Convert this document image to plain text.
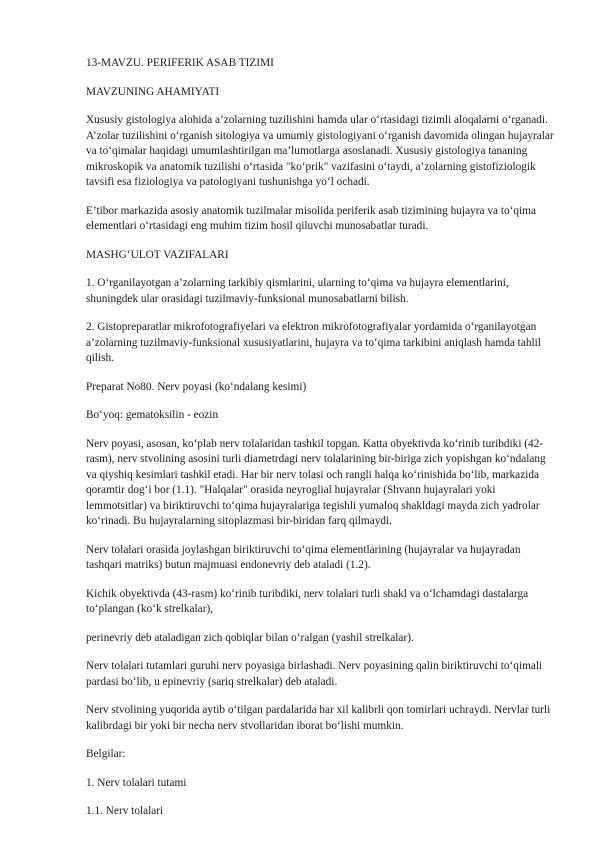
13-MAVZU. PERIFERIK ASAB TIZIMI

MAVZUNING AHAMIYATI

Xususiy gistologiya alohida a’zolarning tuzilishini hamda ular o‘rtasidagi tizimli aloqalarni o‘rganadi. A’zolar tuzilishini o‘rganish sitologiya va umumiy gistologiyani o‘rganish davomida olingan hujayralar va to‘qimalar haqidagi umumlashtirilgan ma’lumotlarga asoslanadi. Xususiy gistologiya tananing mikroskopik va anatomik tuzilishi o‘rtasida "ko‘prik" vazifasini o‘taydi, a’zolarning gistofiziologik tavsifi esa fiziologiya va patologiyani tushunishga yo‘l ochadi.

E’tibor markazida asosiy anatomik tuzilmalar misolida periferik asab tizimining hujayra va to‘qima elementlari o‘rtasidagi eng muhim tizim hosil qiluvchi munosabatlar turadi.

MASHG‘ULOT VAZIFALARI

1. O‘rganilayotgan a’zolarning tarkibiy qismlarini, ularning to‘qima va hujayra elementlarini, shuningdek ular orasidagi tuzilmaviy-funksional munosabatlarni bilish.

2. Gistopreparatlar mikrofotografiyelari va elektron mikrofotografiyalar yordamida o‘rganilayotgan a’zolarning tuzilmaviy-funksional xususiyatlarini, hujayra va to‘qima tarkibini aniqlash hamda tahlil qilish.

Preparat No80. Nerv poyasi (ko‘ndalang kesimi)

Bo‘yoq: gematoksilin - eozin

Nerv poyasi, asosan, ko‘plab nerv tolalaridan tashkil topgan. Katta obyektivda ko‘rinib turibdiki (42-rasm), nerv stvolining asosini turli diametrdagi nerv tolalarining bir-biriga zich yopishgan ko‘ndalang va qiyshiq kesimlari tashkil etadi. Har bir nerv tolasi och rangli halqa ko‘rinishida bo‘lib, markazida qoramtir dog‘i bor (1.1). "Halqalar" orasida neyroglial hujayralar (Shvann hujayralari yoki lemmotsitlar) va biriktiruvchi to‘qima hujayralariga tegishli yumaloq shakldagi mayda zich yadrolar ko‘rinadi. Bu hujayralarning sitoplazmasi bir-biridan farq qilmaydi.

Nerv tolalari orasida joylashgan biriktiruvchi to‘qima elementlarining (hujayralar va hujayradan tashqari matriks) butun majmuasi endonevriy deb ataladi (1.2).

Kichik obyektivda (43-rasm) ko‘rinib turibdiki, nerv tolalari turli shakl va o‘lchamdagi dastalarga to‘plangan (ko‘k strelkalar),

perinevriy deb ataladigan zich qobiqlar bilan o‘ralgan (yashil strelkalar).

Nerv tolalari tutamlari guruhi nerv poyasiga birlashadi. Nerv poyasining qalin biriktiruvchi to‘qimali pardasi bo‘lib, u epinevriy (sariq strelkalar) deb ataladi.

Nerv stvolining yuqorida aytib o‘tilgan pardalarida har xil kalibrli qon tomirlari uchraydi. Nervlar turli kalibrdagi bir yoki bir necha nerv stvollaridan iborat bo‘lishi mumkin.

Belgilar:

1. Nerv tolalari tutami

1.1. Nerv tolalari
